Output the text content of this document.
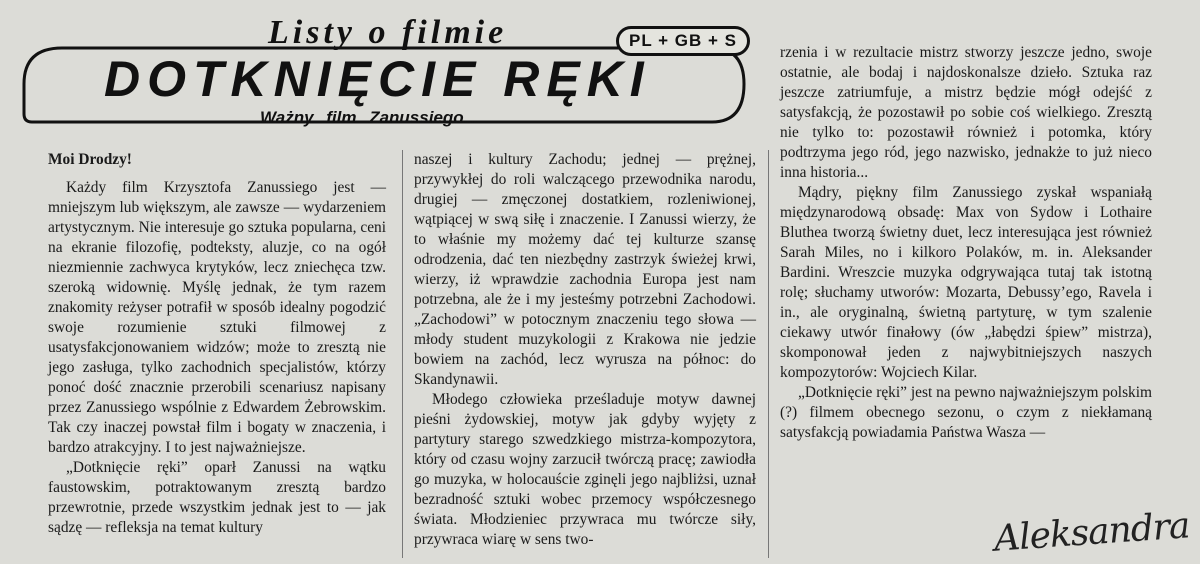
Listy o filmie	PL + GB + S
DOTKNIĘCIE RĘKI
Ważny film Zanussiego...

Moi Drodzy!

Każdy film Krzysztofa Zanussiego jest — mniejszym lub większym, ale zawsze — wydarzeniem artystycznym. Nie interesuje go sztuka popularna, ceni na ekranie filozofię, podteksty, aluzje, co na ogół niezmiennie zachwyca krytyków, lecz zniechęca tzw. szeroką widownię. Myślę jednak, że tym razem znakomity reżyser potrafił w sposób idealny pogodzić swoje rozumienie sztuki filmowej z usatysfakcjonowaniem widzów; może to zresztą nie jego zasługa, tylko zachodnich specjalistów, którzy ponoć dość znacznie przerobili scenariusz napisany przez Zanussiego wspólnie z Edwardem Żebrowskim. Tak czy inaczej powstał film i bogaty w znaczenia, i bardzo atrakcyjny. I to jest najważniejsze.

„Dotknięcie ręki” oparł Zanussi na wątku faustowskim, potraktowanym zresztą bardzo przewrotnie, przede wszystkim jednak jest to — jak sądzę — refleksja na temat kultury

naszej i kultury Zachodu; jednej — prężnej, przywykłej do roli walczącego przewodnika narodu, drugiej — zmęczonej dostatkiem, rozleniwionej, wątpiącej w swą siłę i znaczenie. I Zanussi wierzy, że to właśnie my możemy dać tej kulturze szansę odrodzenia, dać ten niezbędny zastrzyk świeżej krwi, wierzy, iż wprawdzie zachodnia Europa jest nam potrzebna, ale że i my jesteśmy potrzebni Zachodowi. „Zachodowi” w potocznym znaczeniu tego słowa — młody student muzykologii z Krakowa nie jedzie bowiem na zachód, lecz wyrusza na północ: do Skandynawii.

Młodego człowieka prześladuje motyw dawnej pieśni żydowskiej, motyw jak gdyby wyjęty z partytury starego szwedzkiego mistrza-kompozytora, który od czasu wojny zarzucił twórczą pracę; zawiodła go muzyka, w holocauście zginęli jego najbliżsi, uznał bezradność sztuki wobec przemocy współczesnego świata. Młodzieniec przywraca mu twórcze siły, przywraca wiarę w sens two-

rzenia i w rezultacie mistrz stworzy jeszcze jedno, swoje ostatnie, ale bodaj i najdoskonalsze dzieło. Sztuka raz jeszcze zatriumfuje, a mistrz będzie mógł odejść z satysfakcją, że pozostawił po sobie coś wielkiego. Zresztą nie tylko to: pozostawił również i potomka, który podtrzyma jego ród, jego nazwisko, jednakże to już nieco inna historia...

Mądry, piękny film Zanussiego zyskał wspaniałą międzynarodową obsadę: Max von Sydow i Lothaire Bluthea tworzą świetny duet, lecz interesująca jest również Sarah Miles, no i kilkoro Polaków, m. in. Aleksander Bardini. Wreszcie muzyka odgrywająca tutaj tak istotną rolę; słuchamy utworów: Mozarta, Debussy’ego, Ravela i in., ale oryginalną, świetną partyturę, w tym szalenie ciekawy utwór finałowy (ów „łabędzi śpiew” mistrza), skomponował jeden z najwybitniejszych naszych kompozytorów: Wojciech Kilar.

„Dotknięcie ręki” jest na pewno najważniejszym polskim (?) filmem obecnego sezonu, o czym z niekłamaną satysfakcją powiadamia Państwa Wasza —

Aleksandra
